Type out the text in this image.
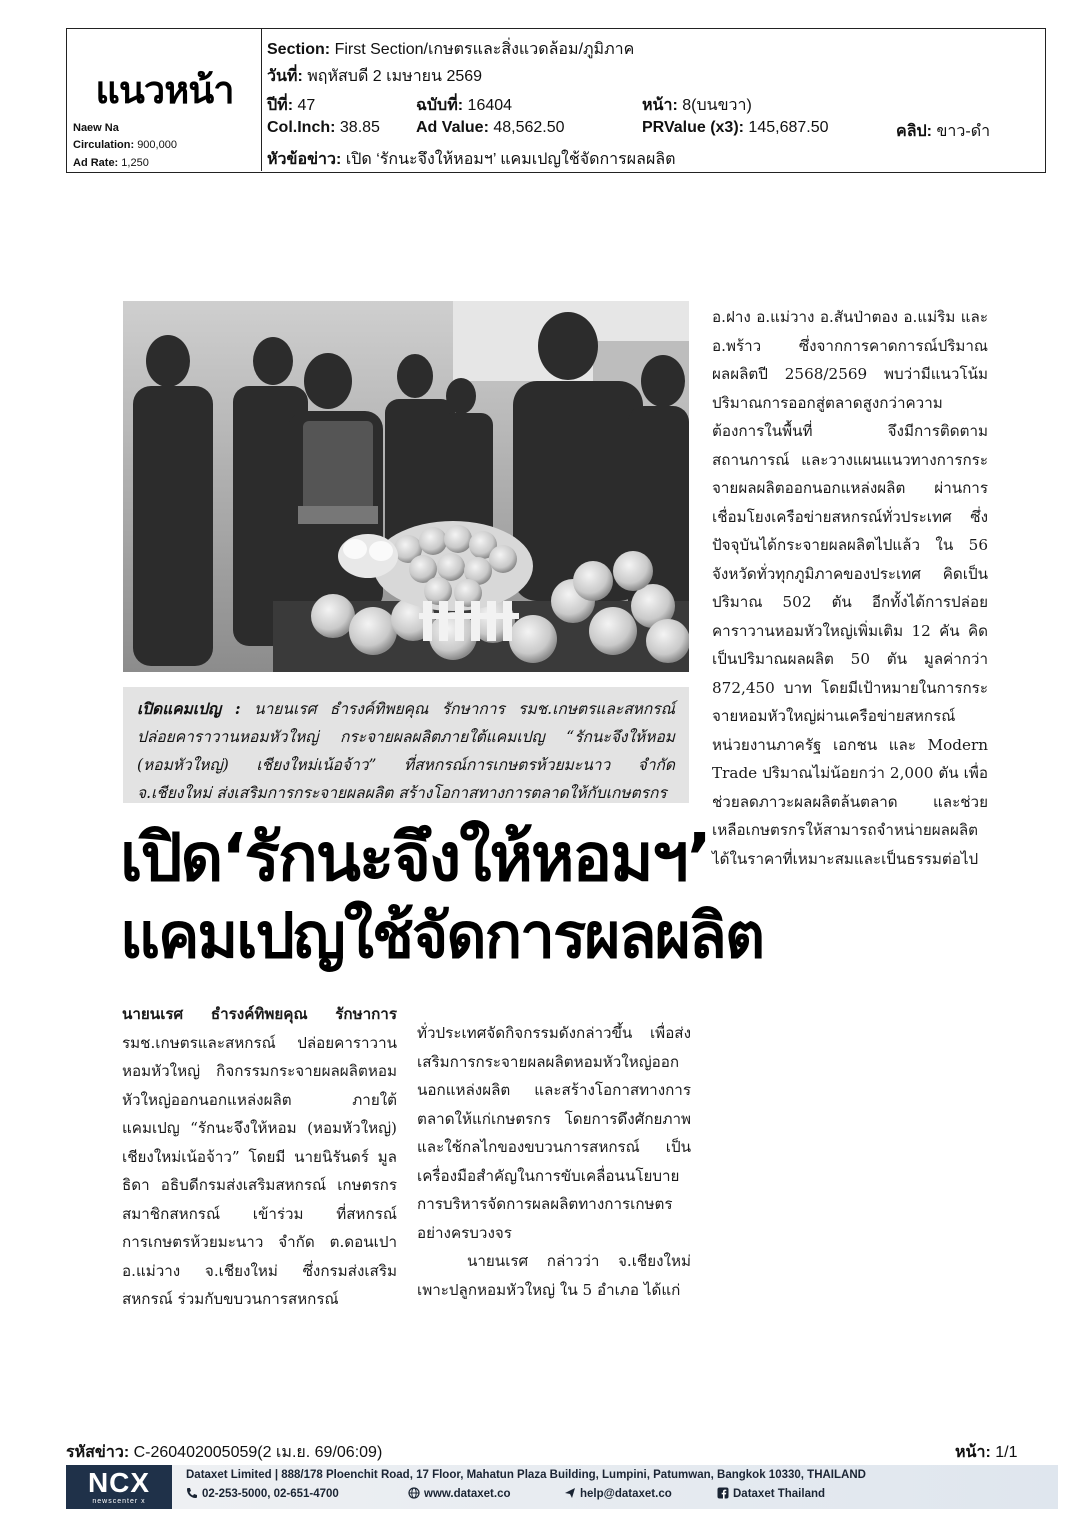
แนวหน้า
Naew Na
Circulation: 900,000
Ad Rate: 1,250
Section: First Section/เกษตรและสิ่งแวดล้อม/ภูมิภาค
วันที่: พฤหัสบดี 2 เมษายน 2569
ปีที่: 47	ฉบับที่: 16404	หน้า: 8(บนขวา)
Col.Inch: 38.85 Ad Value: 48,562.50	PRValue (x3): 145,687.50	คลิป: ขาว-ดำ
หัวข้อข่าว: เปิด ‘รักนะจึงให้หอมฯ’ แคมเปญใช้จัดการผลผลิต
เปิดแคมเปญ : นายนเรศ ธำรงค์ทิพยคุณ รักษาการ รมช.เกษตรและสหกรณ์ ปล่อยคาราวานหอมหัวใหญ่ กระจายผลผลิตภายใต้แคมเปญ “รักนะจึงให้หอม (หอมหัวใหญ่) เชียงใหม่เน้อจ้าว” ที่สหกรณ์การเกษตรห้วยมะนาว จำกัด จ.เชียงใหม่ ส่งเสริมการกระจายผลผลิต สร้างโอกาสทางการตลาดให้กับเกษตรกร
เปิด‘รักนะจึงให้หอมฯ’
แคมเปญใช้จัดการผลผลิต

นายนเรศ ธำรงค์ทิพยคุณ รักษาการ รมช.เกษตรและสหกรณ์ ปล่อยคาราวานหอมหัวใหญ่ กิจกรรมกระจายผลผลิตหอมหัวใหญ่ออกนอกแหล่งผลิต ภายใต้แคมเปญ “รักนะจึงให้หอม (หอมหัวใหญ่) เชียงใหม่เน้อจ้าว” โดยมี นายนิรันดร์ มูลธิดา อธิบดีกรมส่งเสริมสหกรณ์ เกษตรกรสมาชิกสหกรณ์ เข้าร่วม ที่สหกรณ์การเกษตรห้วยมะนาว จำกัด ต.ดอนเปา อ.แม่วาง จ.เชียงใหม่ ซึ่งกรมส่งเสริมสหกรณ์ ร่วมกับขบวนการสหกรณ์

ทั่วประเทศจัดกิจกรรมดังกล่าวขึ้น เพื่อส่งเสริมการกระจายผลผลิตหอมหัวใหญ่ออกนอกแหล่งผลิต และสร้างโอกาสทางการตลาดให้แก่เกษตรกร โดยการดึงศักยภาพและใช้กลไกของขบวนการสหกรณ์ เป็นเครื่องมือสำคัญในการขับเคลื่อนนโยบายการบริหารจัดการผลผลิตทางการเกษตรอย่างครบวงจร

นายนเรศ กล่าวว่า จ.เชียงใหม่เพาะปลูกหอมหัวใหญ่ ใน 5 อำเภอ ได้แก่

อ.ฝาง อ.แม่วาง อ.สันป่าตอง อ.แม่ริม และ อ.พร้าว ซึ่งจากการคาดการณ์ปริมาณผลผลิตปี 2568/2569 พบว่ามีแนวโน้มปริมาณการออกสู่ตลาดสูงกว่าความต้องการในพื้นที่ จึงมีการติดตามสถานการณ์ และวางแผนแนวทางการกระจายผลผลิตออกนอกแหล่งผลิต ผ่านการเชื่อมโยงเครือข่ายสหกรณ์ทั่วประเทศ ซึ่งปัจจุบันได้กระจายผลผลิตไปแล้ว ใน 56 จังหวัดทั่วทุกภูมิภาคของประเทศ คิดเป็นปริมาณ 502 ตัน อีกทั้งได้การปล่อยคาราวานหอมหัวใหญ่เพิ่มเติม 12 คัน คิดเป็นปริมาณผลผลิต 50 ตัน มูลค่ากว่า 872,450 บาท โดยมีเป้าหมายในการกระจายหอมหัวใหญ่ผ่านเครือข่ายสหกรณ์ หน่วยงานภาครัฐ เอกชน และ Modern Trade ปริมาณไม่น้อยกว่า 2,000 ตัน เพื่อช่วยลดภาวะผลผลิตล้นตลาด และช่วยเหลือเกษตรกรให้สามารถจำหน่ายผลผลิตได้ในราคาที่เหมาะสมและเป็นธรรมต่อไป

รหัสข่าว: C-260402005059(2 เม.ย. 69/06:09)	หน้า: 1/1
NCX
newscenter x
Dataxet Limited | 888/178 Ploenchit Road, 17 Floor, Mahatun Plaza Building, Lumpini, Patumwan, Bangkok 10330, THAILAND
02-253-5000, 02-651-4700	www.dataxet.co	help@dataxet.co	Dataxet Thailand
